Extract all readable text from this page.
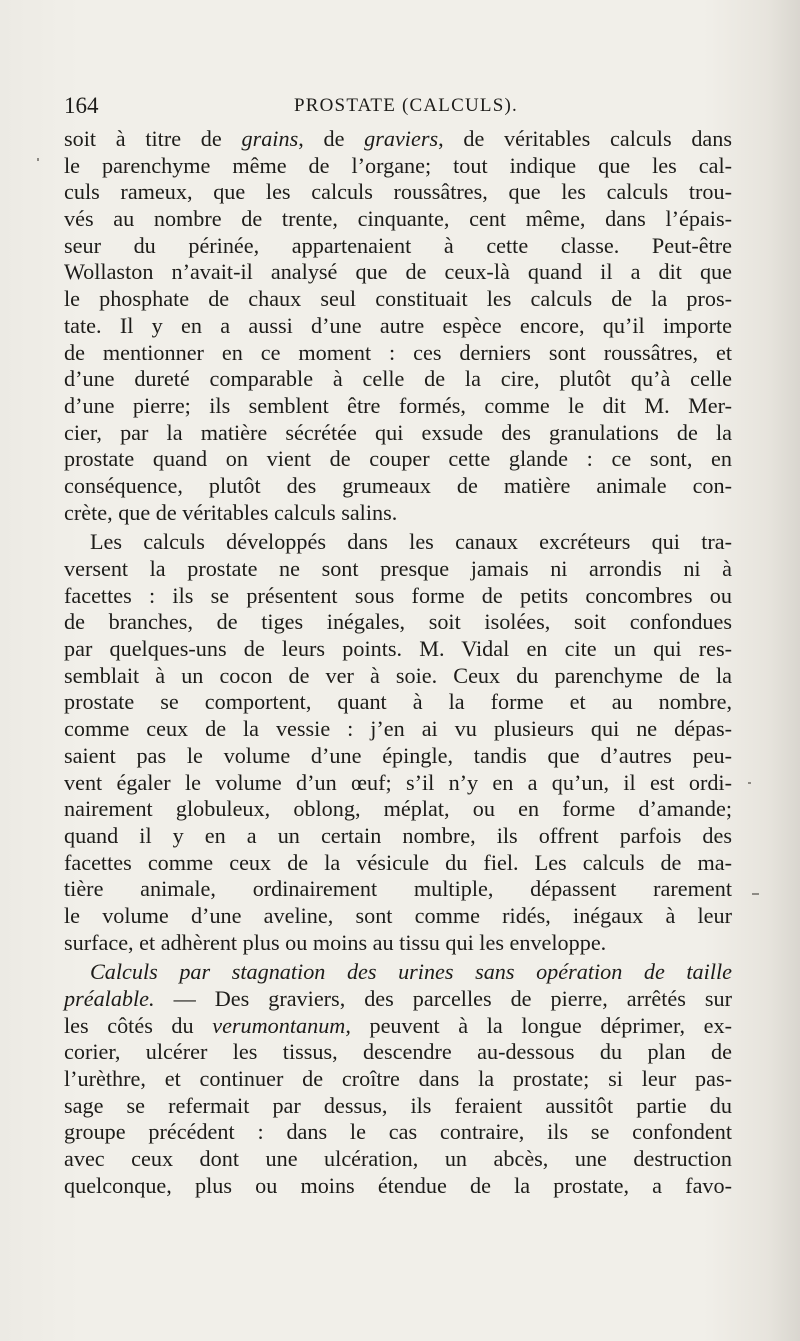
164	PROSTATE (CALCULS).
soit à titre de grains, de graviers, de véritables calculs dans
le parenchyme même de l’organe; tout indique que les cal-
culs rameux, que les calculs roussâtres, que les calculs trou-
vés au nombre de trente, cinquante, cent même, dans l’épais-
seur du périnée, appartenaient à cette classe. Peut-être
Wollaston n’avait-il analysé que de ceux-là quand il a dit que
le phosphate de chaux seul constituait les calculs de la pros-
tate. Il y en a aussi d’une autre espèce encore, qu’il importe
de mentionner en ce moment : ces derniers sont roussâtres, et
d’une dureté comparable à celle de la cire, plutôt qu’à celle
d’une pierre; ils semblent être formés, comme le dit M. Mer-
cier, par la matière sécrétée qui exsude des granulations de la
prostate quand on vient de couper cette glande : ce sont, en
conséquence, plutôt des grumeaux de matière animale con-
crète, que de véritables calculs salins.
Les calculs développés dans les canaux excréteurs qui tra-
versent la prostate ne sont presque jamais ni arrondis ni à
facettes : ils se présentent sous forme de petits concombres ou
de branches, de tiges inégales, soit isolées, soit confondues
par quelques-uns de leurs points. M. Vidal en cite un qui res-
semblait à un cocon de ver à soie. Ceux du parenchyme de la
prostate se comportent, quant à la forme et au nombre,
comme ceux de la vessie : j’en ai vu plusieurs qui ne dépas-
saient pas le volume d’une épingle, tandis que d’autres peu-
vent égaler le volume d’un œuf; s’il n’y en a qu’un, il est ordi-
nairement globuleux, oblong, méplat, ou en forme d’amande;
quand il y en a un certain nombre, ils offrent parfois des
facettes comme ceux de la vésicule du fiel. Les calculs de ma-
tière animale, ordinairement multiple, dépassent rarement
le volume d’une aveline, sont comme ridés, inégaux à leur
surface, et adhèrent plus ou moins au tissu qui les enveloppe.
Calculs par stagnation des urines sans opération de taille
préalable. — Des graviers, des parcelles de pierre, arrêtés sur
les côtés du verumontanum, peuvent à la longue déprimer, ex-
corier, ulcérer les tissus, descendre au-dessous du plan de
l’urèthre, et continuer de croître dans la prostate; si leur pas-
sage se refermait par dessus, ils feraient aussitôt partie du
groupe précédent : dans le cas contraire, ils se confondent
avec ceux dont une ulcération, un abcès, une destruction
quelconque, plus ou moins étendue de la prostate, a favo-
